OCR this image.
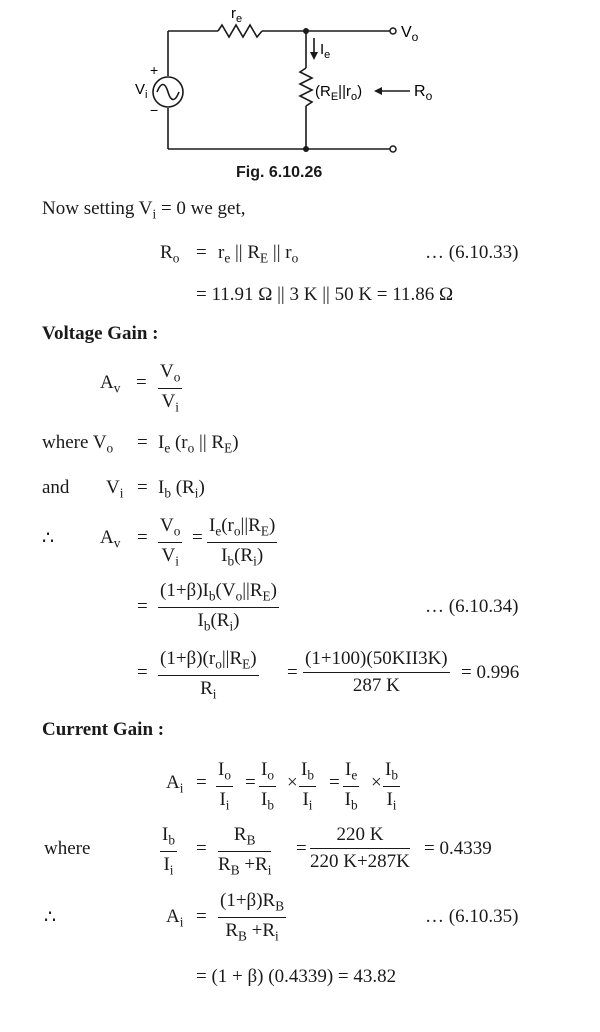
$r_e$
$V_o$
$I_e$
$V_i$
+
−
$(R_E||r_o)$	$R_o$
Fig. 6.10.26
Now setting $V_i = 0$ we get,
$R_o = r_e$ || $R_E$ || $r_o$	… (6.10.33)
= 11.91 Ω || 3 K || 50 K = 11.86 Ω
Voltage Gain :
$A_v = \frac{V_o}{V_i}$
where $V_o = I_e$ ($r_o$ || $R_E$)
and $V_i = I_b$ $(R_i)$
∴ $A_v = \frac{V_o}{V_i} = \frac{I_e(r_o||R_E)}{I_b(R_i)}$
= $\frac{(1+\beta)I_b(V_o||R_E)}{I_b(R_i)}$	… (6.10.34)
= $\frac{(1+\beta)(r_o||R_E)}{R_i}$ =
(1+100)(50KII3K)
287 K
= 0.996
Current Gain :
$A_i = \frac{I_o}{I_i} = \frac{I_o}{I_b} \times \frac{I_b}{I_i} = \frac{I_e}{I_b} \times \frac{I_b}{I_i}$
where	$\frac{I_b}{I_i} = \frac{R_B}{R_B +R_i} = \frac{220 K}{220 K+287K} = 0.4339$
∴	$A_i = \frac{(1+\beta)R_B}{R_B +R_i}$	… (6.10.35)
= (1 + β) (0.4339) = 43.82
